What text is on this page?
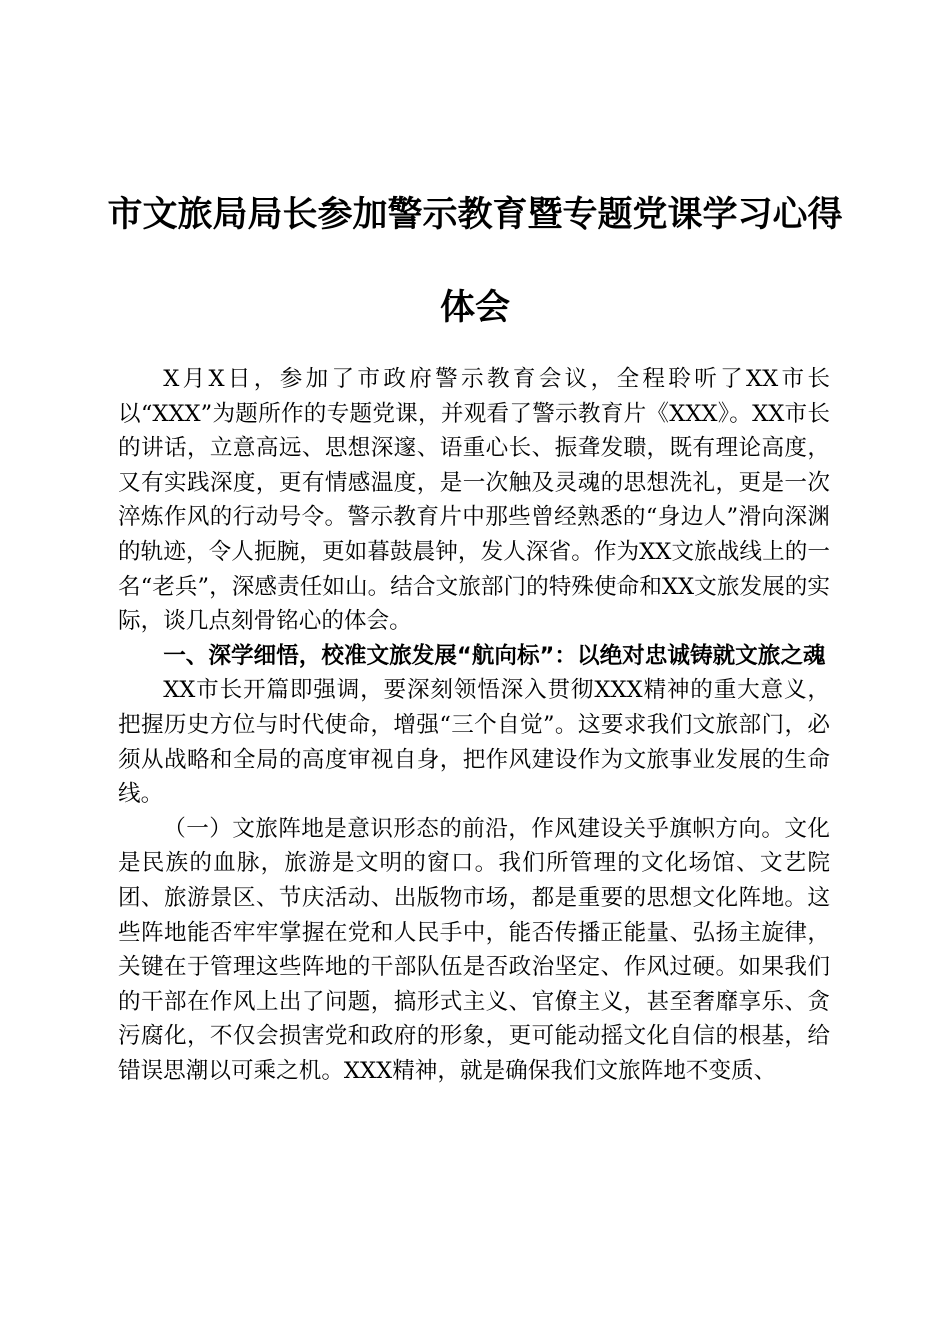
市文旅局局长参加警示教育暨专题党课学习心得体会

X月X日，参加了市政府警示教育会议，全程聆听了XX市长以“XXX”为题所作的专题党课，并观看了警示教育片《XXX》。XX市长的讲话，立意高远、思想深邃、语重心长、振聋发聩，既有理论高度，又有实践深度，更有情感温度，是一次触及灵魂的思想洗礼，更是一次淬炼作风的行动号令。警示教育片中那些曾经熟悉的“身边人”滑向深渊的轨迹，令人扼腕，更如暮鼓晨钟，发人深省。作为XX文旅战线上的一名“老兵”，深感责任如山。结合文旅部门的特殊使命和XX文旅发展的实际，谈几点刻骨铭心的体会。

一、深学细悟，校准文旅发展“航向标”：以绝对忠诚铸就文旅之魂

XX市长开篇即强调，要深刻领悟深入贯彻XXX精神的重大意义，把握历史方位与时代使命，增强“三个自觉”。这要求我们文旅部门，必须从战略和全局的高度审视自身，把作风建设作为文旅事业发展的生命线。

（一）文旅阵地是意识形态的前沿，作风建设关乎旗帜方向。文化是民族的血脉，旅游是文明的窗口。我们所管理的文化场馆、文艺院团、旅游景区、节庆活动、出版物市场，都是重要的思想文化阵地。这些阵地能否牢牢掌握在党和人民手中，能否传播正能量、弘扬主旋律，关键在于管理这些阵地的干部队伍是否政治坚定、作风过硬。如果我们的干部在作风上出了问题，搞形式主义、官僚主义，甚至奢靡享乐、贪污腐化，不仅会损害党和政府的形象，更可能动摇文化自信的根基，给错误思潮以可乘之机。XXX精神，就是确保我们文旅阵地不变质、
